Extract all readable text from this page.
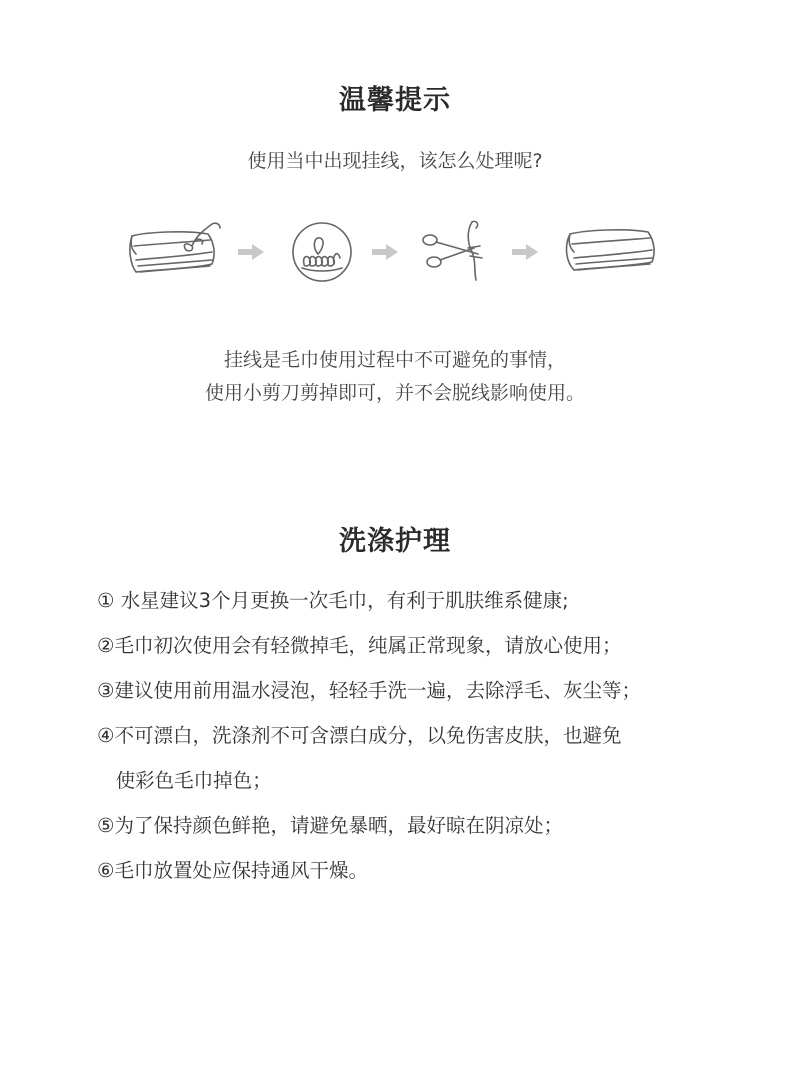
温馨提示
使用当中出现挂线，该怎么处理呢?
挂线是毛巾使用过程中不可避免的事情，
使用小剪刀剪掉即可，并不会脱线影响使用。
洗涤护理
① 水星建议3个月更换一次毛巾，有利于肌肤维系健康;
②毛巾初次使用会有轻微掉毛，纯属正常现象，请放心使用；
③建议使用前用温水浸泡，轻轻手洗一遍，去除浮毛、灰尘等；
④不可漂白，洗涤剂不可含漂白成分，以免伤害皮肤，也避免
使彩色毛巾掉色；
⑤为了保持颜色鲜艳，请避免暴晒，最好晾在阴凉处；
⑥毛巾放置处应保持通风干燥。
